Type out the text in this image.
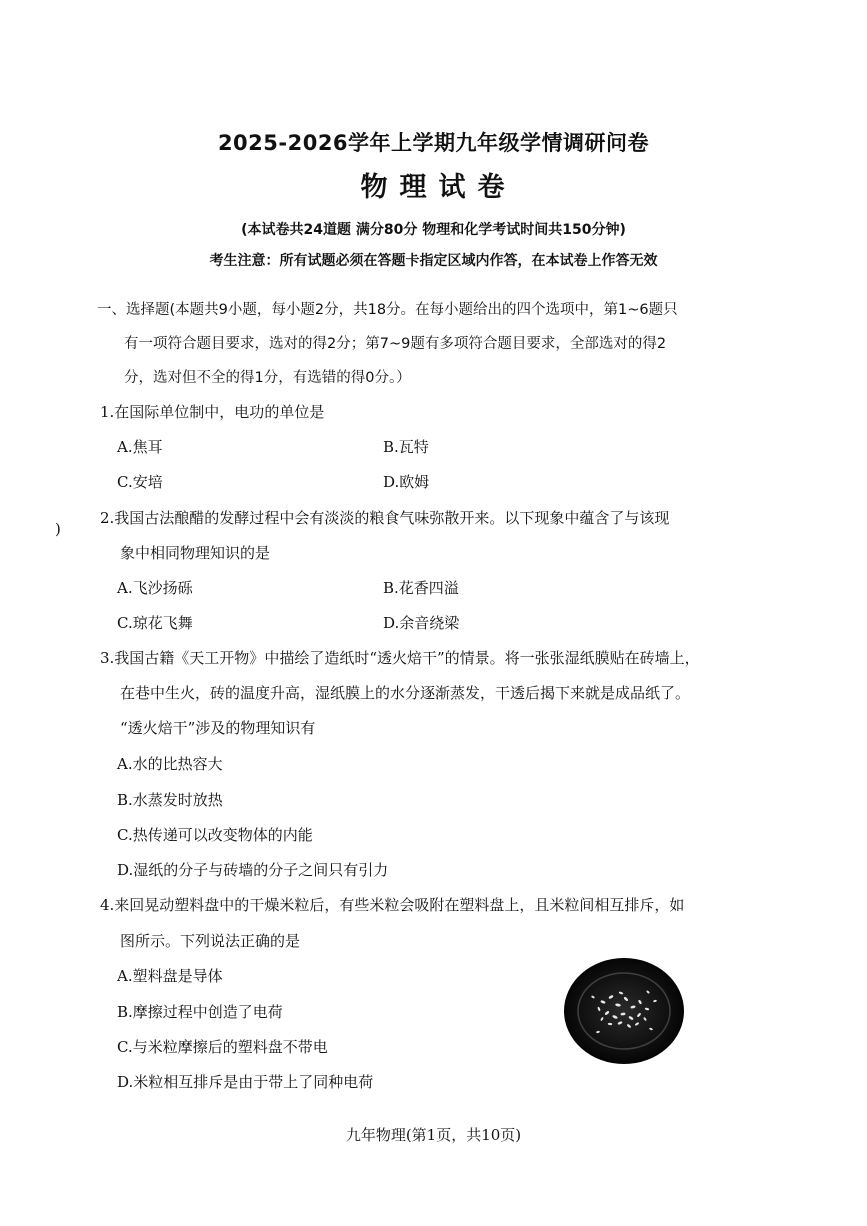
2025-2026学年上学期九年级学情调研问卷
物理试卷
(本试卷共24道题 满分80分 物理和化学考试时间共150分钟)
考生注意：所有试题必须在答题卡指定区域内作答，在本试卷上作答无效
一、选择题(本题共9小题，每小题2分，共18分。在每小题给出的四个选项中，第1~6题只
有一项符合题目要求，选对的得2分；第7~9题有多项符合题目要求，全部选对的得2
分，选对但不全的得1分，有选错的得0分。）
1.在国际单位制中，电功的单位是
A.焦耳	B.瓦特
C.安培	D.欧姆
)
2.我国古法酿醋的发酵过程中会有淡淡的粮食气味弥散开来。以下现象中蕴含了与该现
象中相同物理知识的是
A.飞沙扬砾	B.花香四溢
C.琼花飞舞	D.余音绕梁
3.我国古籍《天工开物》中描绘了造纸时“透火焙干”的情景。将一张张湿纸膜贴在砖墙上，
在巷中生火，砖的温度升高，湿纸膜上的水分逐渐蒸发，干透后揭下来就是成品纸了。
“透火焙干”涉及的物理知识有
A.水的比热容大
B.水蒸发时放热
C.热传递可以改变物体的内能
D.湿纸的分子与砖墙的分子之间只有引力
4.来回晃动塑料盘中的干燥米粒后，有些米粒会吸附在塑料盘上，且米粒间相互排斥，如
图所示。下列说法正确的是
A.塑料盘是导体
B.摩擦过程中创造了电荷
C.与米粒摩擦后的塑料盘不带电
D.米粒相互排斥是由于带上了同种电荷
九年物理(第1页，共10页)
